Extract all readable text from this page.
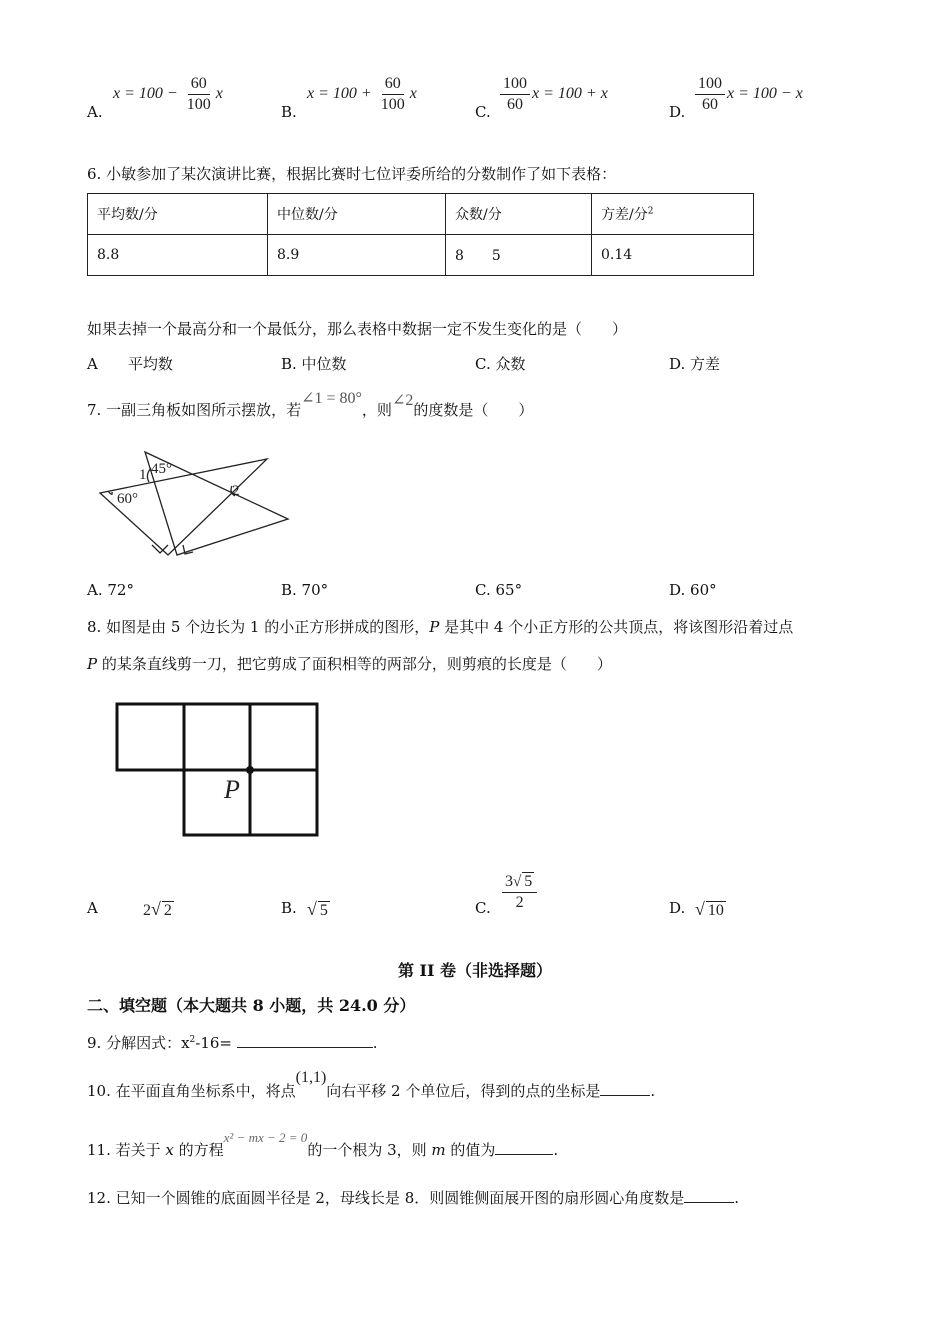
A.
$x = 100 - \frac{60}{100}$ x
B.
$x = 100 + \frac{60}{100}$ x
C. $\frac{100}{60}$ x = 100 + x
D. $\frac{100}{60}$ x = 100 − x
6. 小敏参加了某次演讲比赛，根据比赛时七位评委所给的分数制作了如下表格：
平均数/分	中位数/分	众数/分	方差/分$^2$
8.8	8.9	8　　5	0.14
如果去掉一个最高分和一个最低分，那么表格中数据一定不发生变化的是（　　）
A　　平均数	B. 中位数	C. 众数	D. 方差
7. 一副三角板如图所示摆放，若∠1 = 80°，则∠2的度数是（　　）
1 45°
60°	2
A. 72°	B. 70°	C. 65°	D. 60°
8. 如图是由 5 个边长为 1 的小正方形拼成的图形，P 是其中 4 个小正方形的公共顶点，将该图形沿着过点
P 的某条直线剪一刀，把它剪成了面积相等的两部分，则剪痕的长度是（　　）
P
A	2√ 2	B. √ 5	C. $\frac{3√ 5}{2}$	D. √ 10
第 II 卷（非选择题）
二、填空题（本大题共 8 小题，共 24.0 分）
9. 分解因式：$x^2-16=$	.
10. 在平面直角坐标系中，将点(1,1)向右平移 2 个单位后，得到的点的坐标是	.
11. 若关于 x 的方程x² − mx − 2 = 0的一个根为 3，则 m 的值为	.
12. 已知一个圆锥的底面圆半径是 2，母线长是 8．则圆锥侧面展开图的扇形圆心角度数是	.
